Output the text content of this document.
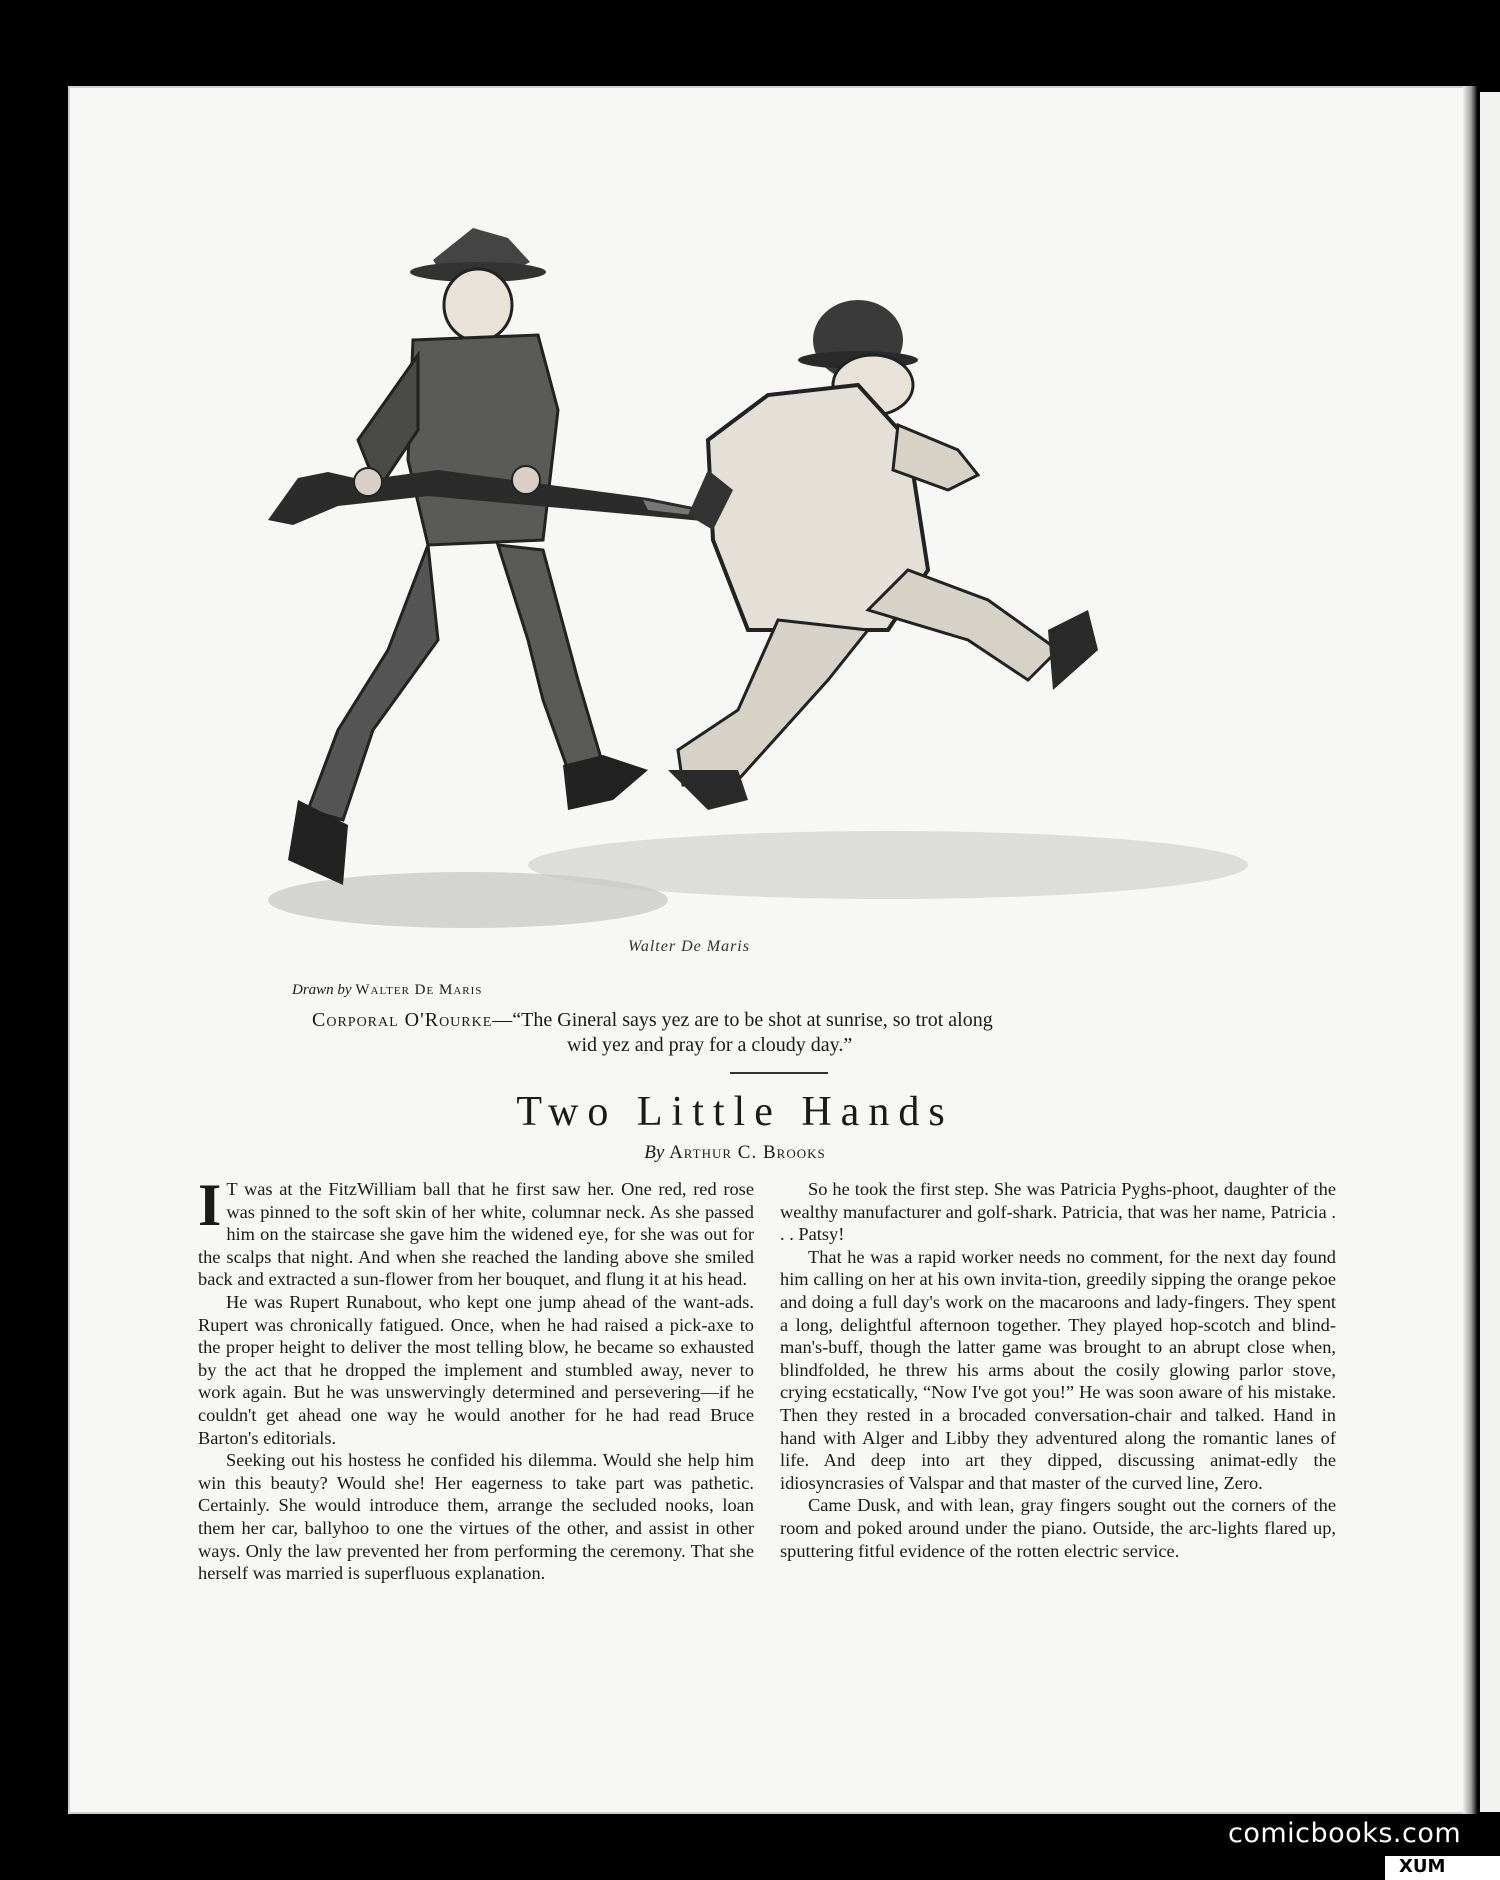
Walter De Maris
Drawn by Walter De Maris
Corporal O'Rourke—“The Gineral says yez are to be shot at sunrise, so trot along
wid yez and pray for a cloudy day.”
Two Little Hands
By Arthur C. Brooks

I T was at the FitzWilliam ball that he first saw her. One red, red rose was pinned to the soft skin of her white, columnar neck. As she passed him on the staircase she gave him the widened eye, for she was out for the scalps that night. And when she reached the landing above she smiled back and extracted a sun-flower from her bouquet, and flung it at his head.

He was Rupert Runabout, who kept one jump ahead of the want-ads. Rupert was chronically fatigued. Once, when he had raised a pick-axe to the proper height to deliver the most telling blow, he became so exhausted by the act that he dropped the implement and stumbled away, never to work again. But he was unswervingly determined and persevering—if he couldn't get ahead one way he would another for he had read Bruce Barton's editorials.

Seeking out his hostess he confided his dilemma. Would she help him win this beauty? Would she! Her eagerness to take part was pathetic. Certainly. She would introduce them, arrange the secluded nooks, loan them her car, ballyhoo to one the virtues of the other, and assist in other ways. Only the law prevented her from performing the ceremony. That she herself was married is superfluous explanation.

So he took the first step. She was Patricia Pyghs-phoot, daughter of the wealthy manufacturer and golf-shark. Patricia, that was her name, Patricia . . . Patsy!

That he was a rapid worker needs no comment, for the next day found him calling on her at his own invita-tion, greedily sipping the orange pekoe and doing a full day's work on the macaroons and lady-fingers. They spent a long, delightful afternoon together. They played hop-scotch and blind-man's-buff, though the latter game was brought to an abrupt close when, blindfolded, he threw his arms about the cosily glowing parlor stove, crying ecstatically, “Now I've got you!” He was soon aware of his mistake. Then they rested in a brocaded conversation-chair and talked. Hand in hand with Alger and Libby they adventured along the romantic lanes of life. And deep into art they dipped, discussing animat-edly the idiosyncrasies of Valspar and that master of the curved line, Zero.

Came Dusk, and with lean, gray fingers sought out the corners of the room and poked around under the piano. Outside, the arc-lights flared up, sputtering fitful evidence of the rotten electric service.

comicbooks.com
XUM
